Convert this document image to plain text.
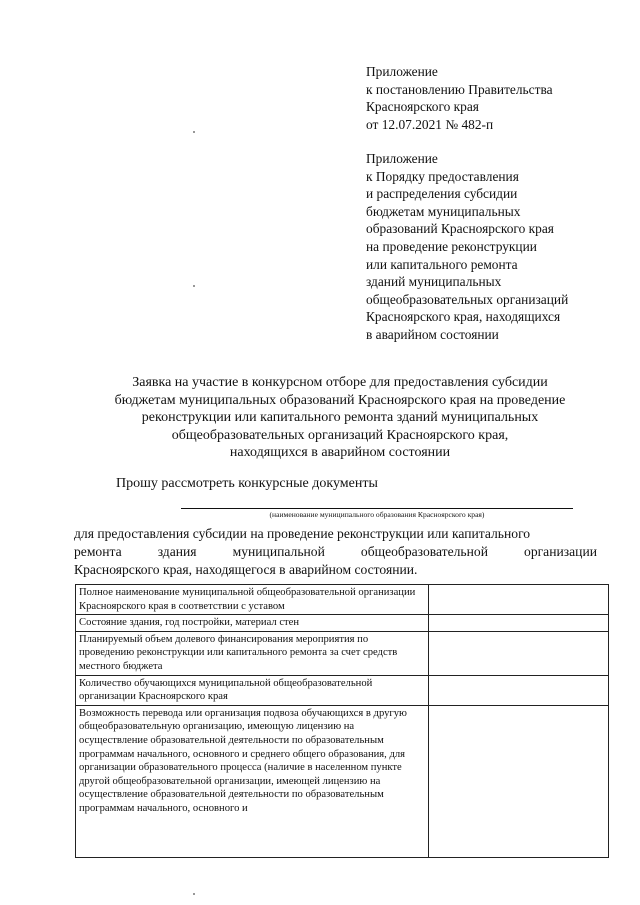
Приложение
к постановлению Правительства
Красноярского края
от 12.07.2021 № 482-п
Приложение
к Порядку предоставления
и распределения субсидии
бюджетам муниципальных
образований Красноярского края
на проведение реконструкции
или капитального ремонта
зданий муниципальных
общеобразовательных организаций
Красноярского края, находящихся
в аварийном состоянии
Заявка на участие в конкурсном отборе для предоставления субсидии
бюджетам муниципальных образований Красноярского края на проведение
реконструкции или капитального ремонта зданий муниципальных
общеобразовательных организаций Красноярского края,
находящихся в аварийном состоянии
Прошу рассмотреть конкурсные документы
(наименование муниципального образования Красноярского края)
для предоставления субсидии на проведение реконструкции или капитального
ремонта	здания	муниципальной	общеобразовательной	организации
Красноярского края, находящегося в аварийном состоянии.
Полное наименование муниципальной общеобразовательной организации Красноярского края в соответствии с уставом	
Состояние здания, год постройки, материал стен	
Планируемый объем долевого финансирования мероприятия по проведению реконструкции или капитального ремонта за счет средств местного бюджета	
Количество обучающихся муниципальной общеобразовательной организации Красноярского края	
Возможность перевода или организация подвоза обучающихся в другую общеобразовательную организацию, имеющую лицензию на осуществление образовательной деятельности по образовательным программам начального, основного и среднего общего образования, для организации образовательного процесса (наличие в населенном пункте другой общеобразовательной организации, имеющей лицензию на осуществление образовательной деятельности по образовательным программам начального, основного и	
